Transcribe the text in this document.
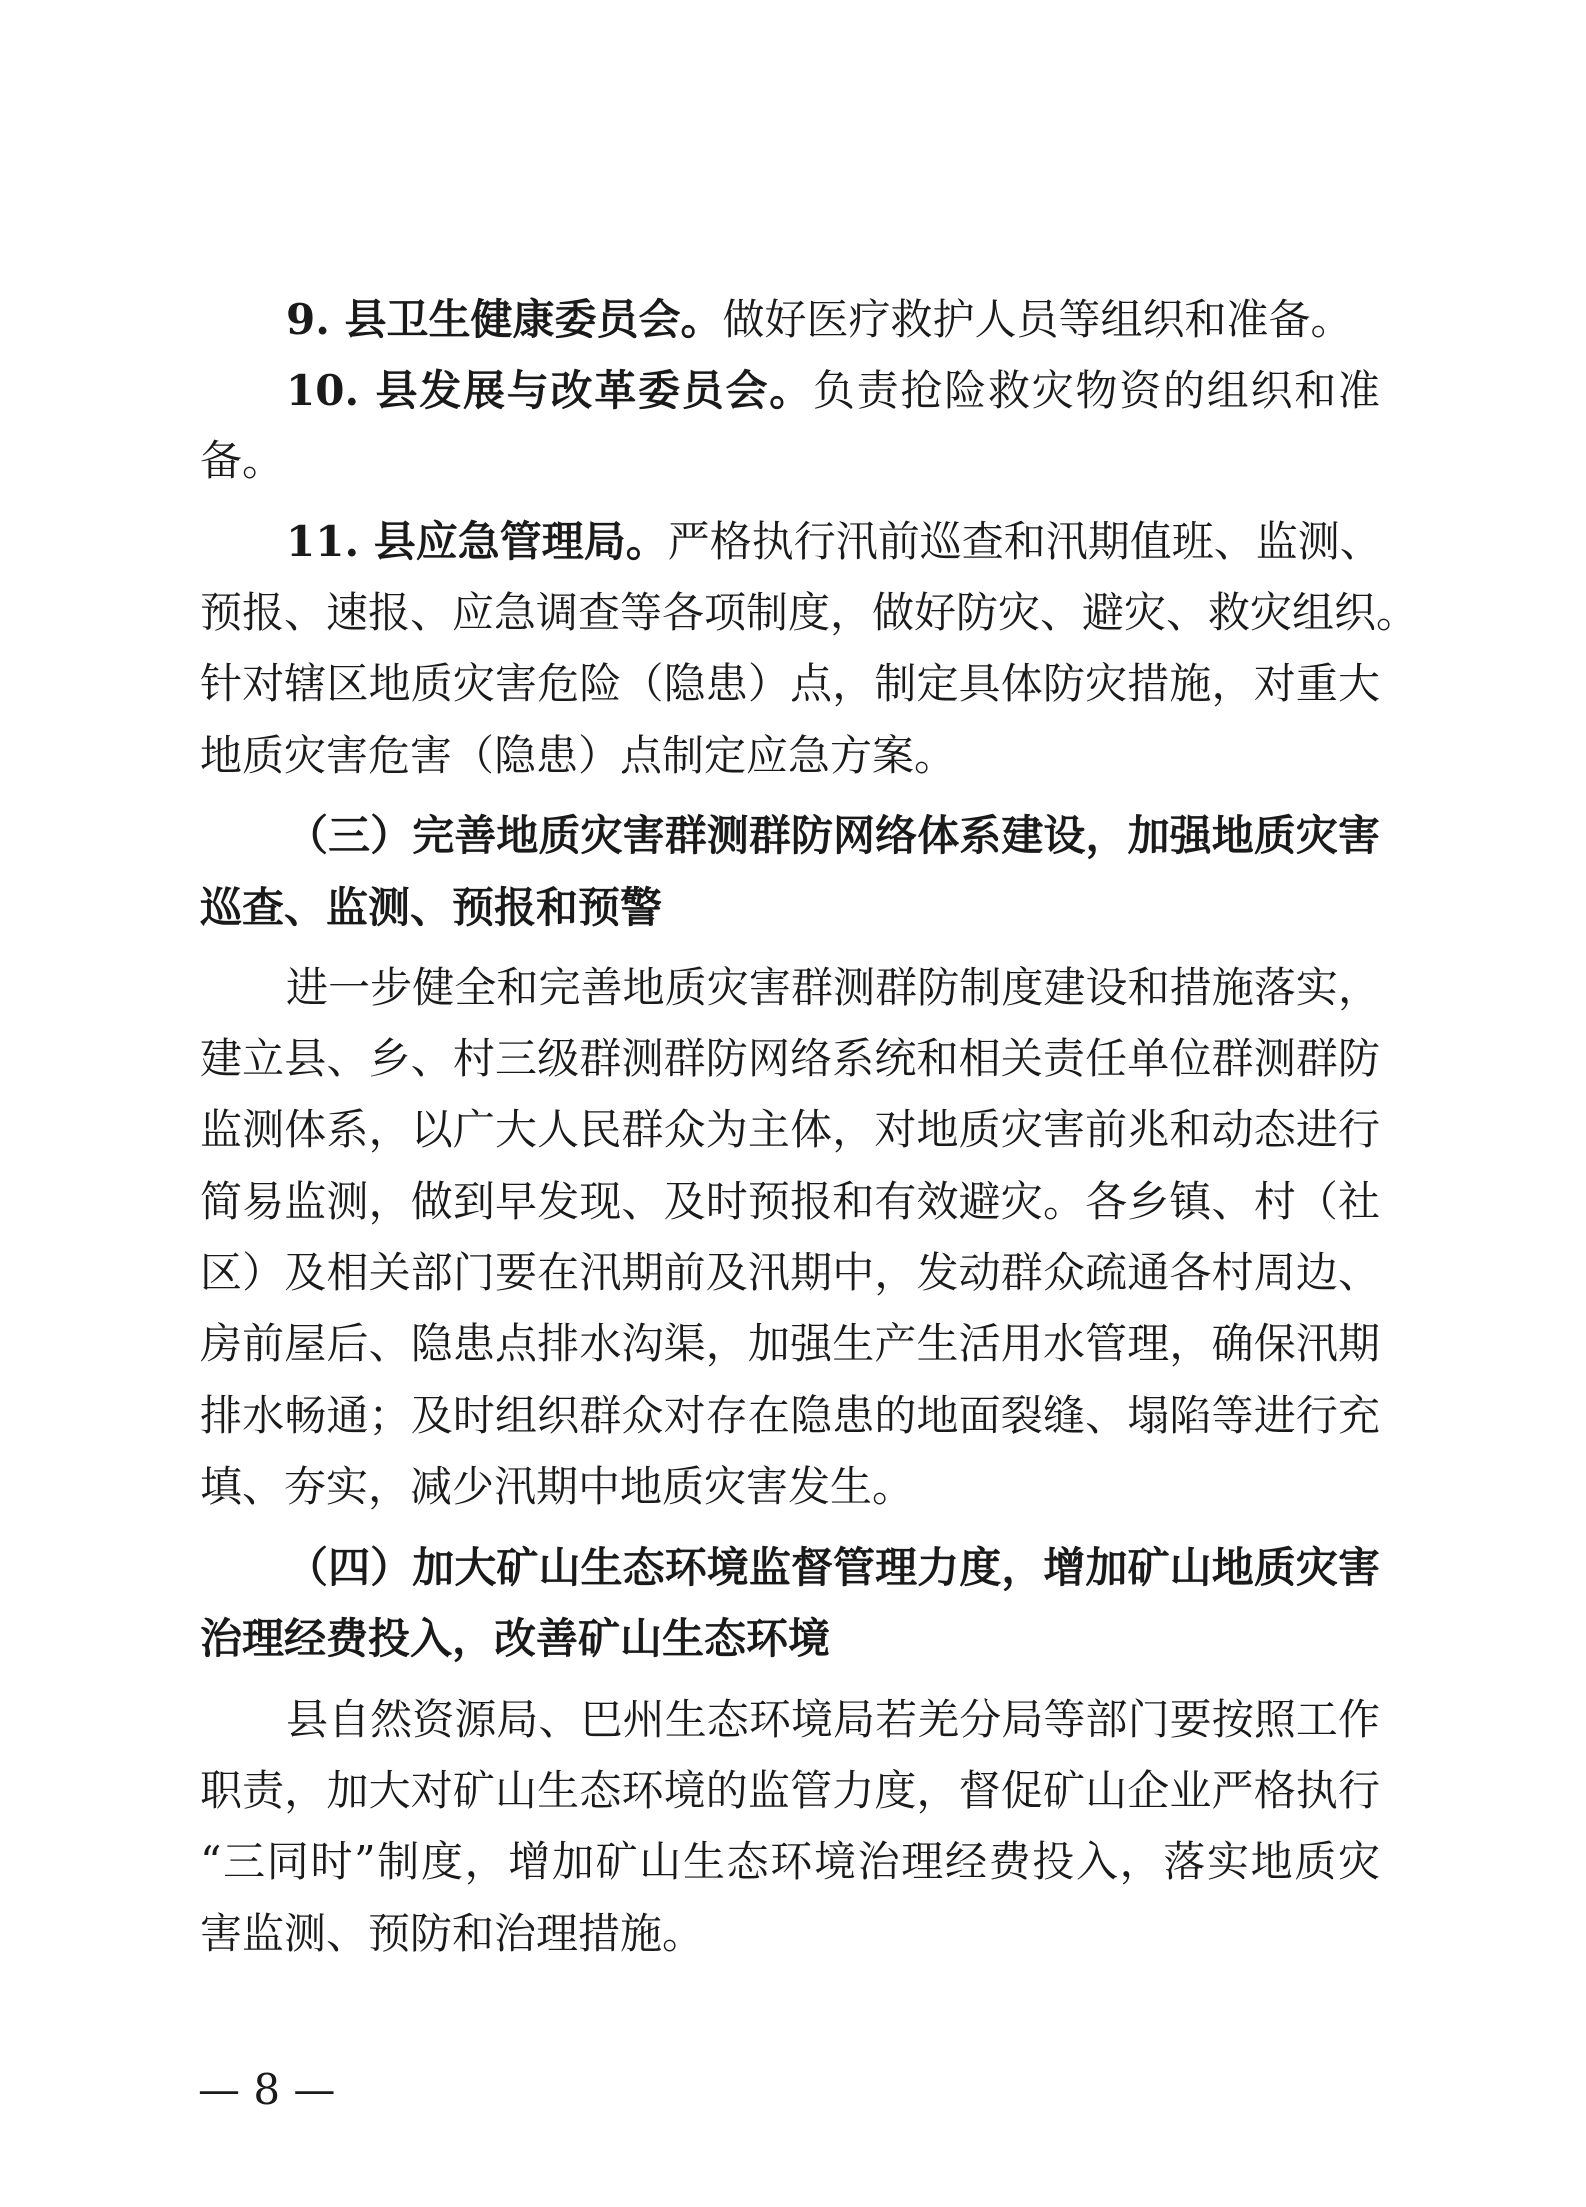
9. 县卫生健康委员会。做好医疗救护人员等组织和准备。
10. 县发展与改革委员会。负责抢险救灾物资的组织和准
备。
11. 县应急管理局。严格执行汛前巡查和汛期值班、监测、
预报、速报、应急调查等各项制度，做好防灾、避灾、救灾组织。
针对辖区地质灾害危险（隐患）点，制定具体防灾措施，对重大
地质灾害危害（隐患）点制定应急方案。
（三）完善地质灾害群测群防网络体系建设，加强地质灾害
巡查、监测、预报和预警
进一步健全和完善地质灾害群测群防制度建设和措施落实，
建立县、乡、村三级群测群防网络系统和相关责任单位群测群防
监测体系，以广大人民群众为主体，对地质灾害前兆和动态进行
简易监测，做到早发现、及时预报和有效避灾。各乡镇、村（社
区）及相关部门要在汛期前及汛期中，发动群众疏通各村周边、
房前屋后、隐患点排水沟渠，加强生产生活用水管理，确保汛期
排水畅通；及时组织群众对存在隐患的地面裂缝、塌陷等进行充
填、夯实，减少汛期中地质灾害发生。
（四）加大矿山生态环境监督管理力度，增加矿山地质灾害
治理经费投入，改善矿山生态环境
县自然资源局、巴州生态环境局若羌分局等部门要按照工作
职责，加大对矿山生态环境的监管力度，督促矿山企业严格执行
“三同时”制度，增加矿山生态环境治理经费投入，落实地质灾
害监测、预防和治理措施。
— 8 —
